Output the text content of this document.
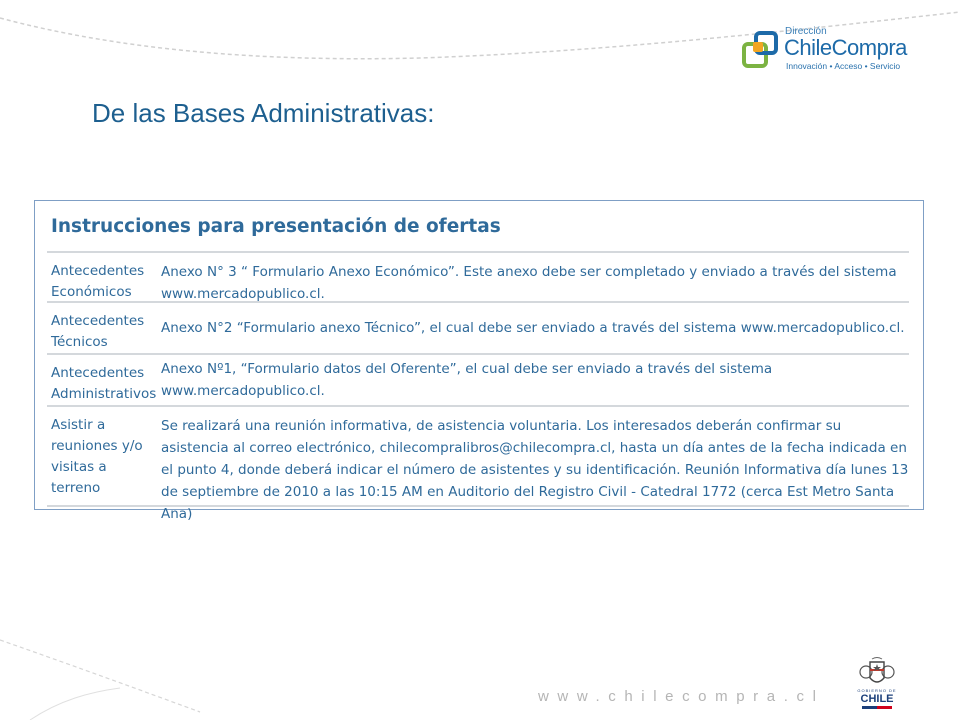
Dirección
ChileCompra
Innovación • Acceso • Servicio
De las Bases Administrativas:
Instrucciones para presentación de ofertas
Antecedentes Económicos
Anexo N° 3 “ Formulario Anexo Económico”. Este anexo debe ser completado y enviado a través del sistema www.mercadopublico.cl.
Antecedentes Técnicos
Anexo N°2 “Formulario anexo Técnico”, el cual debe ser enviado a través del sistema www.mercadopublico.cl.
Antecedentes Administrativos
Anexo Nº1, “Formulario datos del Oferente”, el cual debe ser enviado a través del sistema www.mercadopublico.cl.
Asistir a reuniones y/o visitas a terreno
Se realizará una reunión informativa, de asistencia voluntaria. Los interesados deberán confirmar su asistencia al correo electrónico, chilecompralibros@chilecompra.cl, hasta un día antes de la fecha indicada en el punto 4, donde deberá indicar el número de asistentes y su identificación. Reunión Informativa día lunes 13 de septiembre de 2010 a las 10:15 AM en Auditorio del Registro Civil - Catedral 1772 (cerca Est Metro Santa Ana)
www.chilecompra.cl	GOBIERNO DE
CHILE
